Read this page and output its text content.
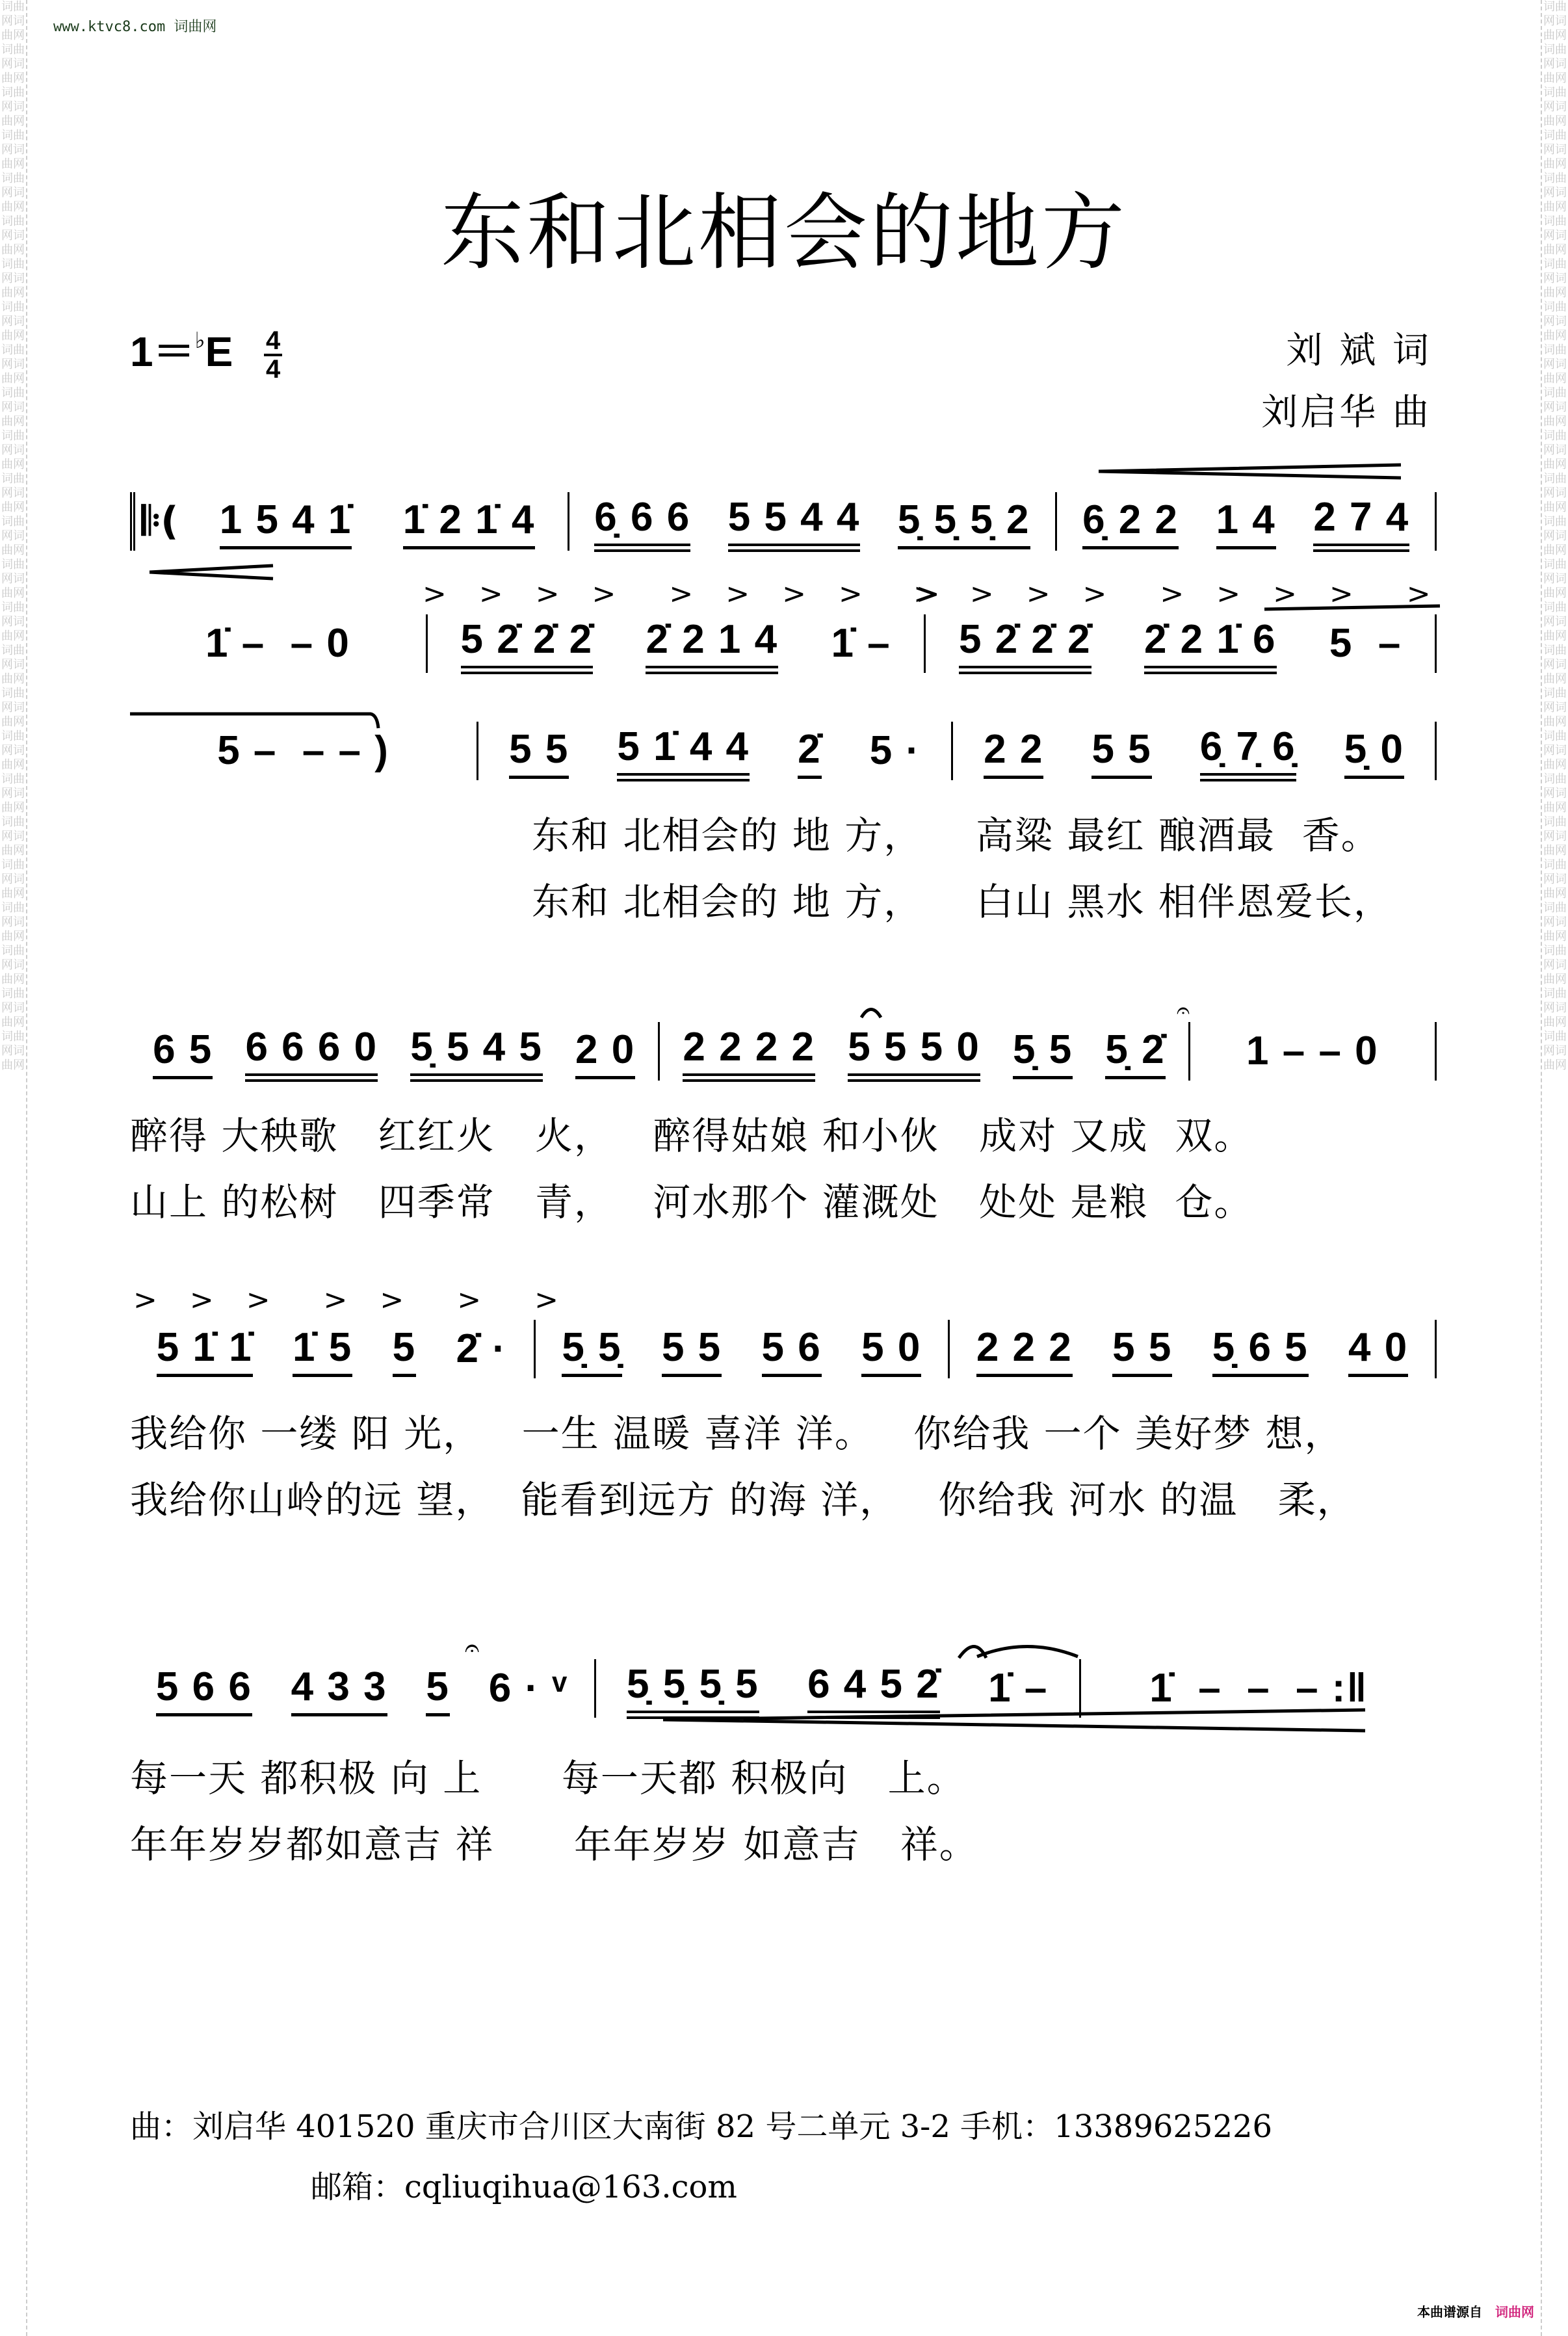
词曲网词曲网词曲网词曲网词曲网词曲网词曲网词曲网词曲网词曲网词曲网词曲网词曲网词曲网词曲网词曲网词曲网词曲网词曲网词曲网词曲网词曲网词曲网词曲网词曲网词曲网词曲网词曲网词曲网词曲网词曲网词曲网词曲网词曲网词曲网词曲网词曲网词曲网词曲网词曲网词曲网词曲网词曲网词曲网词曲网词曲网词曲网词曲网词曲网词曲网
词曲网词曲网词曲网词曲网词曲网词曲网词曲网词曲网词曲网词曲网词曲网词曲网词曲网词曲网词曲网词曲网词曲网词曲网词曲网词曲网词曲网词曲网词曲网词曲网词曲网词曲网词曲网词曲网词曲网词曲网词曲网词曲网词曲网词曲网词曲网词曲网词曲网词曲网词曲网词曲网词曲网词曲网词曲网词曲网词曲网词曲网词曲网词曲网词曲网词曲网
www.ktvc8.com 词曲网
东和北相会的地方
$1=^♭E \frac{4}{4}$	刘 斌 词
刘启华 曲
𝄆( 1 5 4 1̇ 1̇ 2 1̇ 4 6̣ 6 6 5 5 4 4 5̣ 5̣ 5̣ 2 6̣ 2 2 1 4 2 7 4
1̇ –  – 0	5 2̇ 2̇ 2̇ 2̇ 2 1 4 1̇ – 5 2̇ 2̇ 2̇ 2̇ 2 1̇ 6 5  –
5 –  – – )	5 5 5 1̇ 4 4 2̇ 5 · 2 2 5 5 6̣ 7̣ 6̣ 5̣ 0
6 5 6 6 6 0 5̣ 5 4 5 2 0 2 2 2 2 5 5 5 0 5̣ 5 5̣ 2̇ 1 – – 0
5 1̇ 1̇ 1̇ 5 5 2̇ · 5̣ 5̣ 5 5 5 6 5 0 2 2 2 5 5 5̣ 6 5 4 0
5 6 6 4 3 3 5 6 · ᵛ 5̣ 5̣ 5̣ 5 6 4 5 2̇ 1̇ –	1̇  –  –  – :‖
> > > >  > > > >  >
> > > >  > > > >  >
> > >  > >  >  >
东和 北相会的 地 方，    高粱 最红 酿酒最  香。
东和 北相会的 地 方，    白山 黑水 相伴恩爱长，
醉得 大秧歌   红红火   火，   醉得姑娘 和小伙   成对 又成  双。
山上 的松树   四季常   青，   河水那个 灌溉处   处处 是粮  仓。
我给你 一缕 阳 光，   一生 温暖 喜洋 洋。   你给我 一个 美好梦 想，
我给你山岭的远 望，  能看到远方 的海 洋，   你给我 河水 的温   柔，
每一天 都积极 向 上      每一天都 积极向   上。
年年岁岁都如意吉 祥      年年岁岁 如意吉   祥。
𝄐
𝄐
曲：刘启华 401520 重庆市合川区大南街 82 号二单元 3-2 手机：13389625226
邮箱：cqliuqihua@163.com
本曲谱源自 词曲网
